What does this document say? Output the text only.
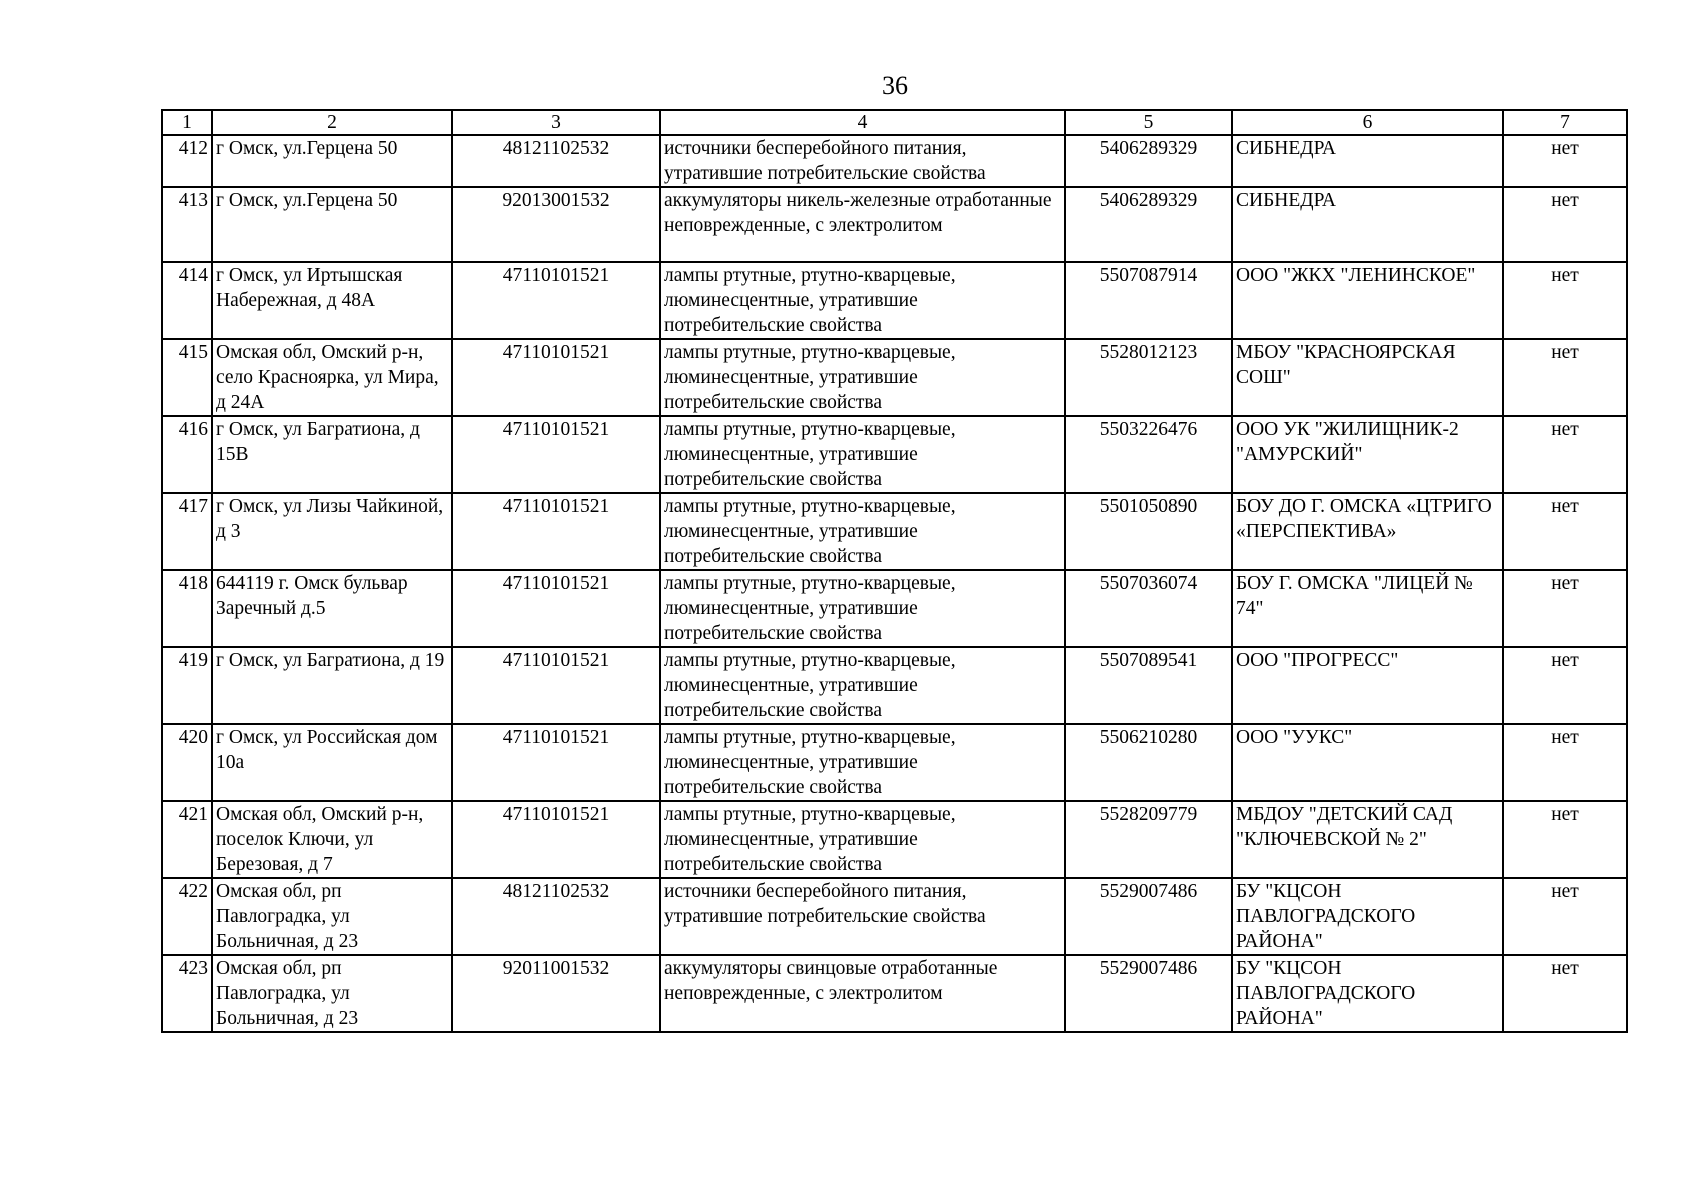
36
1	2	3	4	5	6	7
412	г Омск, ул.Герцена 50	48121102532	источники бесперебойного питания, утратившие потребительские свойства	5406289329	СИБНЕДРА	нет
413	г Омск, ул.Герцена 50	92013001532	аккумуляторы никель-железные отработанные неповрежденные, с электролитом	5406289329	СИБНЕДРА	нет
414	г Омск, ул Иртышская Набережная, д 48А	47110101521	лампы ртутные, ртутно-кварцевые, люминесцентные, утратившие потребительские свойства	5507087914	ООО "ЖКХ "ЛЕНИНСКОЕ"	нет
415	Омская обл, Омский р-н, село Красноярка, ул Мира, д 24А	47110101521	лампы ртутные, ртутно-кварцевые, люминесцентные, утратившие потребительские свойства	5528012123	МБОУ "КРАСНОЯРСКАЯ СОШ"	нет
416	г Омск, ул Багратиона, д 15В	47110101521	лампы ртутные, ртутно-кварцевые, люминесцентные, утратившие потребительские свойства	5503226476	ООО УК "ЖИЛИЩНИК-2 "АМУРСКИЙ"	нет
417	г Омск, ул Лизы Чайкиной, д 3	47110101521	лампы ртутные, ртутно-кварцевые, люминесцентные, утратившие потребительские свойства	5501050890	БОУ ДО Г. ОМСКА «ЦТРИГО «ПЕРСПЕКТИВА»	нет
418	644119 г. Омск бульвар Заречный д.5	47110101521	лампы ртутные, ртутно-кварцевые, люминесцентные, утратившие потребительские свойства	5507036074	БОУ Г. ОМСКА "ЛИЦЕЙ № 74"	нет
419	г Омск, ул Багратиона, д 19	47110101521	лампы ртутные, ртутно-кварцевые, люминесцентные, утратившие потребительские свойства	5507089541	ООО "ПРОГРЕСС"	нет
420	г Омск, ул Российская дом 10а	47110101521	лампы ртутные, ртутно-кварцевые, люминесцентные, утратившие потребительские свойства	5506210280	ООО "УУКС"	нет
421	Омская обл, Омский р-н, поселок Ключи, ул Березовая, д 7	47110101521	лампы ртутные, ртутно-кварцевые, люминесцентные, утратившие потребительские свойства	5528209779	МБДОУ "ДЕТСКИЙ САД "КЛЮЧЕВСКОЙ № 2"	нет
422	Омская обл, рп Павлоградка, ул Больничная, д 23	48121102532	источники бесперебойного питания, утратившие потребительские свойства	5529007486	БУ "КЦСОН ПАВЛОГРАДСКОГО РАЙОНА"	нет
423	Омская обл, рп Павлоградка, ул Больничная, д 23	92011001532	аккумуляторы свинцовые отработанные неповрежденные, с электролитом	5529007486	БУ "КЦСОН ПАВЛОГРАДСКОГО РАЙОНА"	нет
